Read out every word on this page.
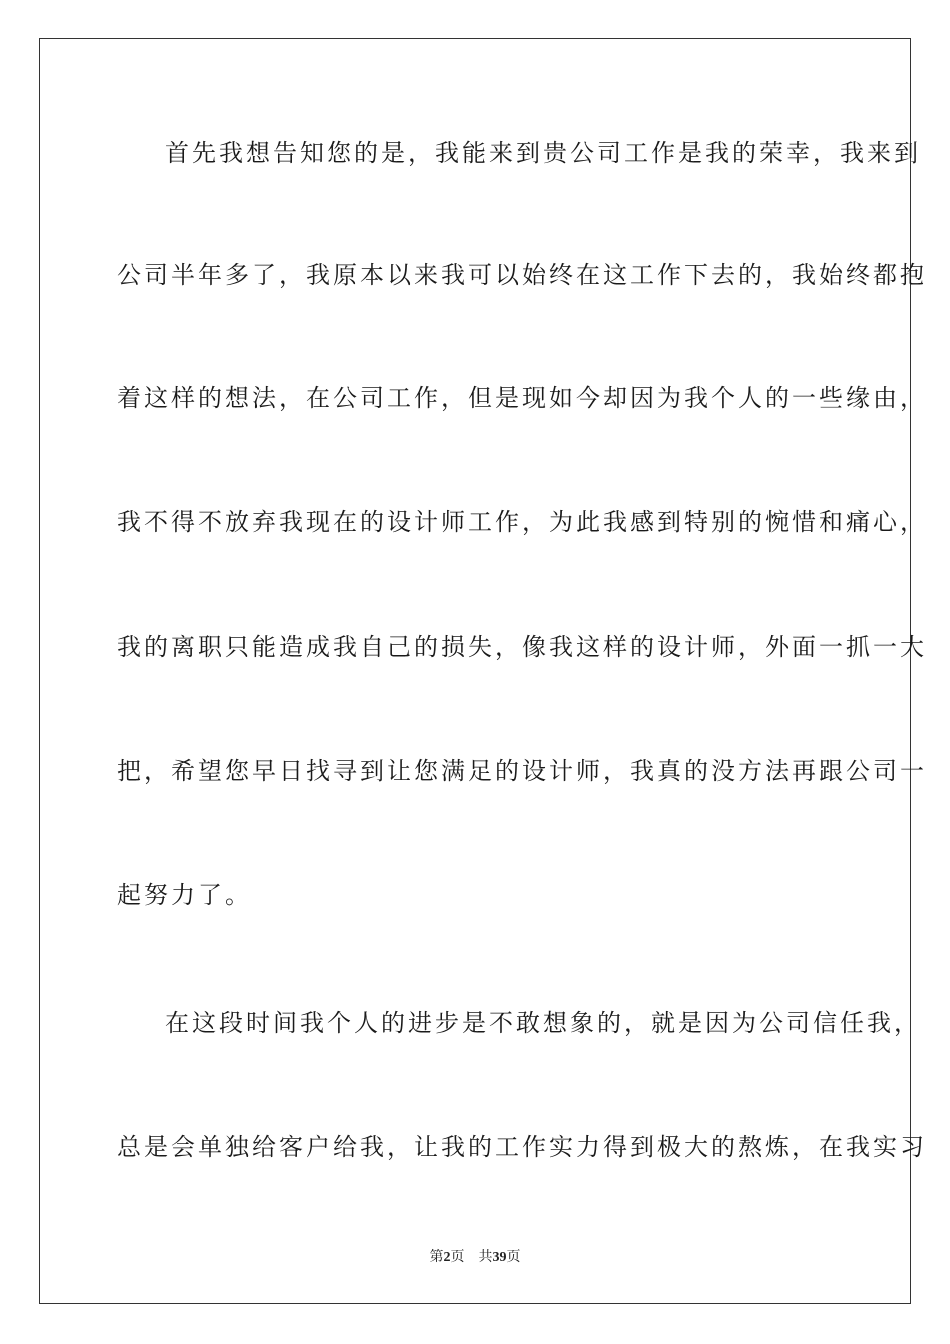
首先我想告知您的是，我能来到贵公司工作是我的荣幸，我来到
公司半年多了，我原本以来我可以始终在这工作下去的，我始终都抱
着这样的想法，在公司工作，但是现如今却因为我个人的一些缘由，
我不得不放弃我现在的设计师工作，为此我感到特别的惋惜和痛心，
我的离职只能造成我自己的损失，像我这样的设计师，外面一抓一大
把，希望您早日找寻到让您满足的设计师，我真的没方法再跟公司一
起努力了。
在这段时间我个人的进步是不敢想象的，就是因为公司信任我，
总是会单独给客户给我，让我的工作实力得到极大的熬炼，在我实习
第2页 共39页
